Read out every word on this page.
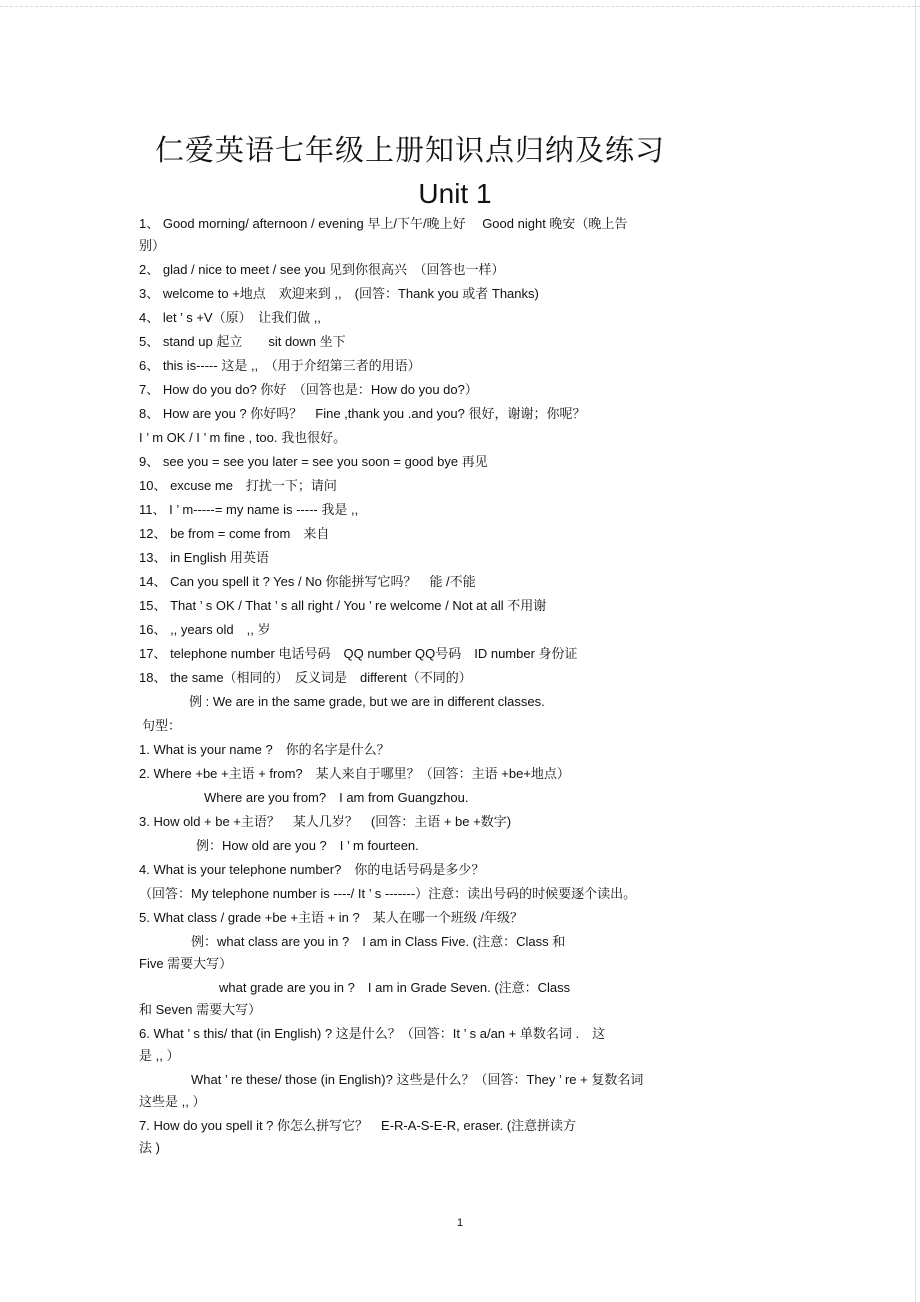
仁爱英语七年级上册知识点归纳及练习
Unit 1
1、 Good morning/ afternoon / evening 早上/下午/晚上好　 Good night 晚安（晚上告
别）
2、 glad / nice to meet / see you 见到你很高兴　（回答也一样）
3、 welcome to +地点　欢迎来到 ,,　(回答：Thank you 或者 Thanks)
4、 let ’ s +V（原）　让我们做 ,,
5、 stand up 起立　　sit down 坐下
6、 this is----- 这是 ,,　（用于介绍第三者的用语）
7、 How do you do? 你好　（回答也是：How do you do?）
8、 How are you ? 你好吗？　Fine ,thank you .and you? 很好，谢谢；你呢？
I ’ m OK / I ’ m fine , too. 我也很好。
9、 see you = see you later = see you soon = good bye 再见
10、 excuse me　打扰一下；请问
11、 I ’ m-----= my name is ----- 我是 ,,
12、 be from = come from　来自
13、 in English 用英语
14、 Can you spell it ? Yes / No 你能拼写它吗？　能 /不能
15、 That ’ s OK / That ’ s all right / You ’ re welcome / Not at all 不用谢
16、 ,, years old　,, 岁
17、 telephone number 电话号码　QQ number QQ号码　ID number 身份证
18、 the same（相同的）　反义词是　different（不同的）
例 : We are in the same grade, but we are in different classes.
句型：
1. What is your name ?　你的名字是什么？
2. Where +be +主语 + from?　某人来自于哪里？（回答：主语 +be+地点）
Where are you from?　I am from Guangzhou.
3. How old + be +主语？　某人几岁？　(回答：主语 + be +数字)
例：How old are you ?　I ’ m fourteen.
4. What is your telephone number?　你的电话号码是多少？
（回答：My telephone number is ----/ It ’ s -------）注意：读出号码的时候要逐个读出。
5. What class / grade +be +主语 + in ?　某人在哪一个班级 /年级？
例：what class are you in ?　I am in Class Five. (注意：Class 和
Five 需要大写）
what grade are you in ?　I am in Grade Seven. (注意：Class
和 Seven 需要大写）
6. What ’ s this/ that (in English) ? 这是什么？（回答：It ’ s a/an + 单数名词 .　这
是 ,, ）
What ’ re these/ those (in English)? 这些是什么？（回答：They ’ re + 复数名词
这些是 ,, ）
7. How do you spell it ? 你怎么拼写它？　E-R-A-S-E-R, eraser. (注意拼读方
法 )
1
